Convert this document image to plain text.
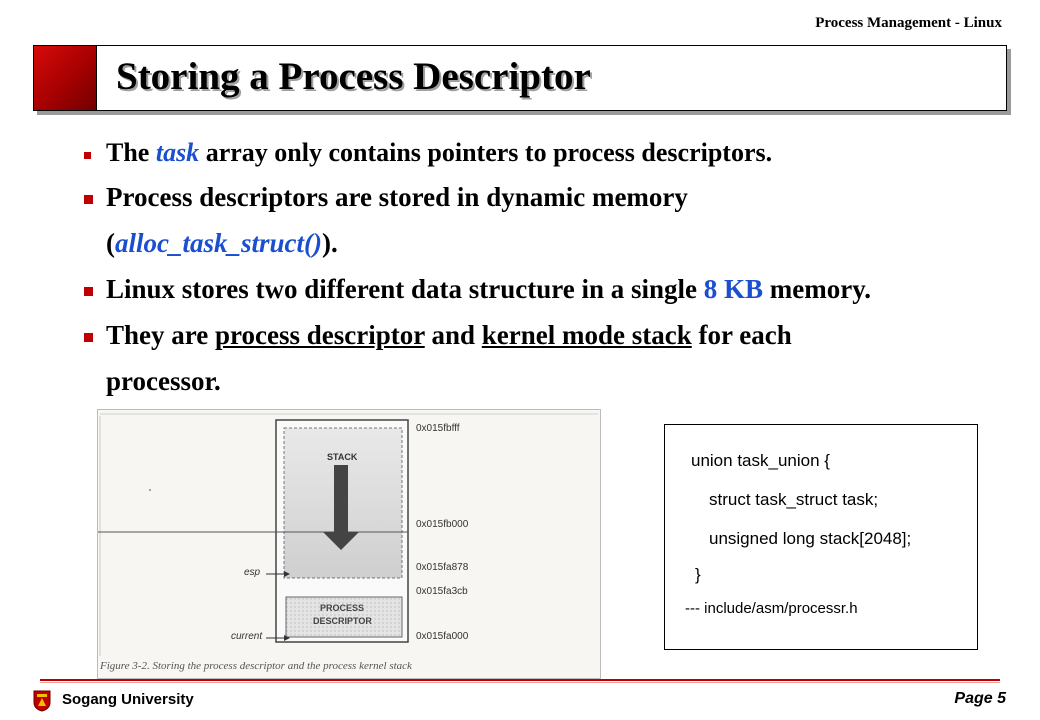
Process Management - Linux
Storing a Process Descriptor
The task array only contains pointers to process descriptors.
Process descriptors are stored in dynamic memory
(alloc_task_struct()).
Linux stores two different data structure in a single 8 KB memory.
They are process descriptor and kernel mode stack for each
processor.
STACK
PROCESS
DESCRIPTOR
esp
current
0x015fbfff
0x015fb000
0x015fa878
0x015fa3cb
0x015fa000
Figure 3-2. Storing the process descriptor and the process kernel stack
union task_union {
struct task_struct task;
unsigned long stack[2048];
}
--- include/asm/processr.h
Sogang University	Page 5
